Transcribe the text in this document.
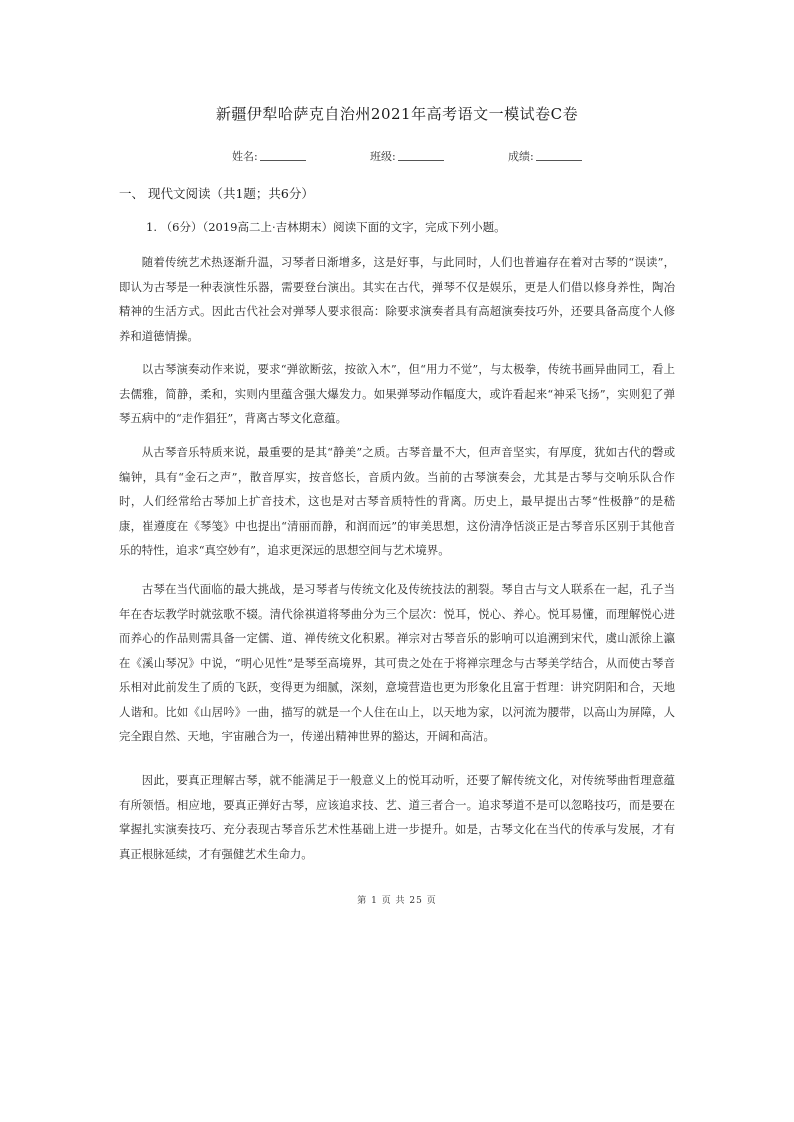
新疆伊犁哈萨克自治州2021年高考语文一模试卷C卷
姓名:	班级:	成绩:
一、 现代文阅读（共1题；共6分）
1. （6分）（2019高二上·吉林期末）阅读下面的文字，完成下列小题。

随着传统艺术热逐渐升温，习琴者日渐增多，这是好事，与此同时，人们也普遍存在着对古琴的“误读”，即认为古琴是一种表演性乐器，需要登台演出。其实在古代，弹琴不仅是娱乐，更是人们借以修身养性，陶冶精神的生活方式。因此古代社会对弹琴人要求很高：除要求演奏者具有高超演奏技巧外，还要具备高度个人修养和道德情操。

以古琴演奏动作来说，要求“弹欲断弦，按欲入木”，但“用力不觉”，与太极拳，传统书画异曲同工，看上去儒雅，简静，柔和，实则内里蕴含强大爆发力。如果弹琴动作幅度大，或许看起来“神采飞扬”，实则犯了弹琴五病中的“走作猖狂”，背离古琴文化意蕴。

从古琴音乐特质来说，最重要的是其“静美”之质。古琴音量不大，但声音坚实，有厚度，犹如古代的磬或编钟，具有“金石之声”，散音厚实，按音悠长，音质内敛。当前的古琴演奏会，尤其是古琴与交响乐队合作时，人们经常给古琴加上扩音技术，这也是对古琴音质特性的背离。历史上，最早提出古琴“性极静”的是嵇康，崔遵度在《琴笺》中也提出“清丽而静，和润而远”的审美思想，这份清净恬淡正是古琴音乐区别于其他音乐的特性，追求“真空妙有”，追求更深远的思想空间与艺术境界。

古琴在当代面临的最大挑战，是习琴者与传统文化及传统技法的割裂。琴自古与文人联系在一起，孔子当年在杏坛教学时就弦歌不辍。清代徐祺道将琴曲分为三个层次：悦耳，悦心、养心。悦耳易懂，而理解悦心进而养心的作品则需具备一定儒、道、禅传统文化积累。禅宗对古琴音乐的影响可以追溯到宋代，虞山派徐上瀛在《溪山琴况》中说，“明心见性”是琴至高境界，其可贵之处在于将禅宗理念与古琴美学结合，从而使古琴音乐相对此前发生了质的飞跃，变得更为细腻，深刻，意境营造也更为形象化且富于哲理：讲究阴阳和合，天地人谐和。比如《山居吟》一曲，描写的就是一个人住在山上，以天地为家，以河流为腰带，以高山为屏障，人完全跟自然、天地，宇宙融合为一，传递出精神世界的豁达，开阔和高洁。

因此，要真正理解古琴，就不能满足于一般意义上的悦耳动听，还要了解传统文化，对传统琴曲哲理意蕴有所领悟。相应地，要真正弹好古琴，应该追求技、艺、道三者合一。追求琴道不是可以忽略技巧，而是要在掌握扎实演奏技巧、充分表现古琴音乐艺术性基础上进一步提升。如是，古琴文化在当代的传承与发展，才有真正根脉延续，才有强健艺术生命力。

第 1 页 共 25 页
